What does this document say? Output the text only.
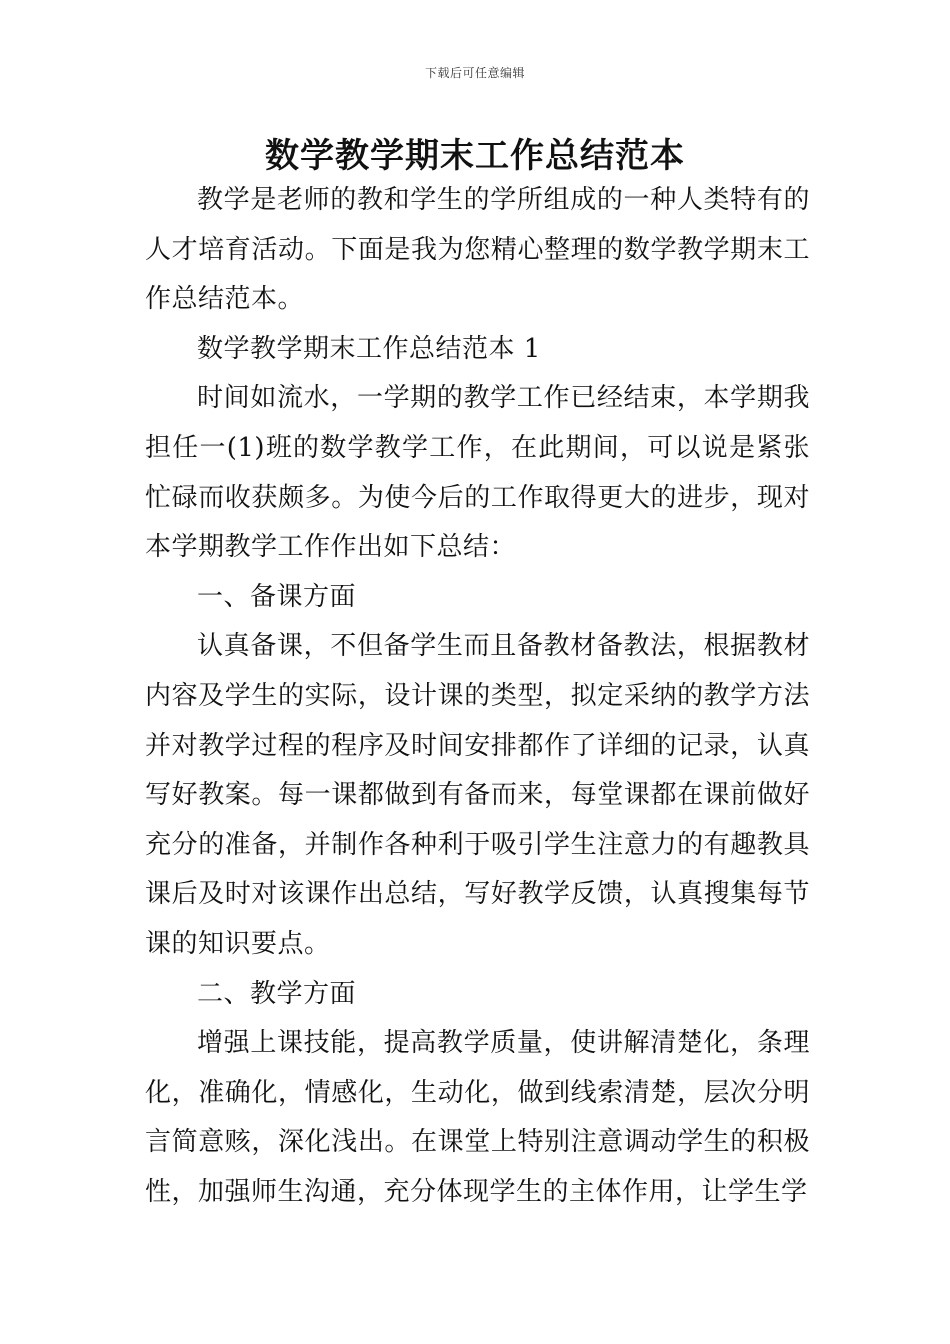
下载后可任意编辑
数学教学期末工作总结范本

教学是老师的教和学生的学所组成的一种人类特有的人才培育活动。下面是我为您精心整理的数学教学期末工作总结范本。

数学教学期末工作总结范本 1

时间如流水，一学期的教学工作已经结束，本学期我担任一(1)班的数学教学工作，在此期间，可以说是紧张忙碌而收获颇多。为使今后的工作取得更大的进步，现对本学期教学工作作出如下总结：

一、备课方面

认真备课，不但备学生而且备教材备教法，根据教材内容及学生的实际，设计课的类型，拟定采纳的教学方法并对教学过程的程序及时间安排都作了详细的记录，认真写好教案。每一课都做到有备而来，每堂课都在课前做好充分的准备，并制作各种利于吸引学生注意力的有趣教具课后及时对该课作出总结，写好教学反馈，认真搜集每节课的知识要点。

二、教学方面

增强上课技能，提高教学质量，使讲解清楚化，条理化，准确化，情感化，生动化，做到线索清楚，层次分明言简意赅，深化浅出。在课堂上特别注意调动学生的积极性，加强师生沟通，充分体现学生的主体作用，让学生学
